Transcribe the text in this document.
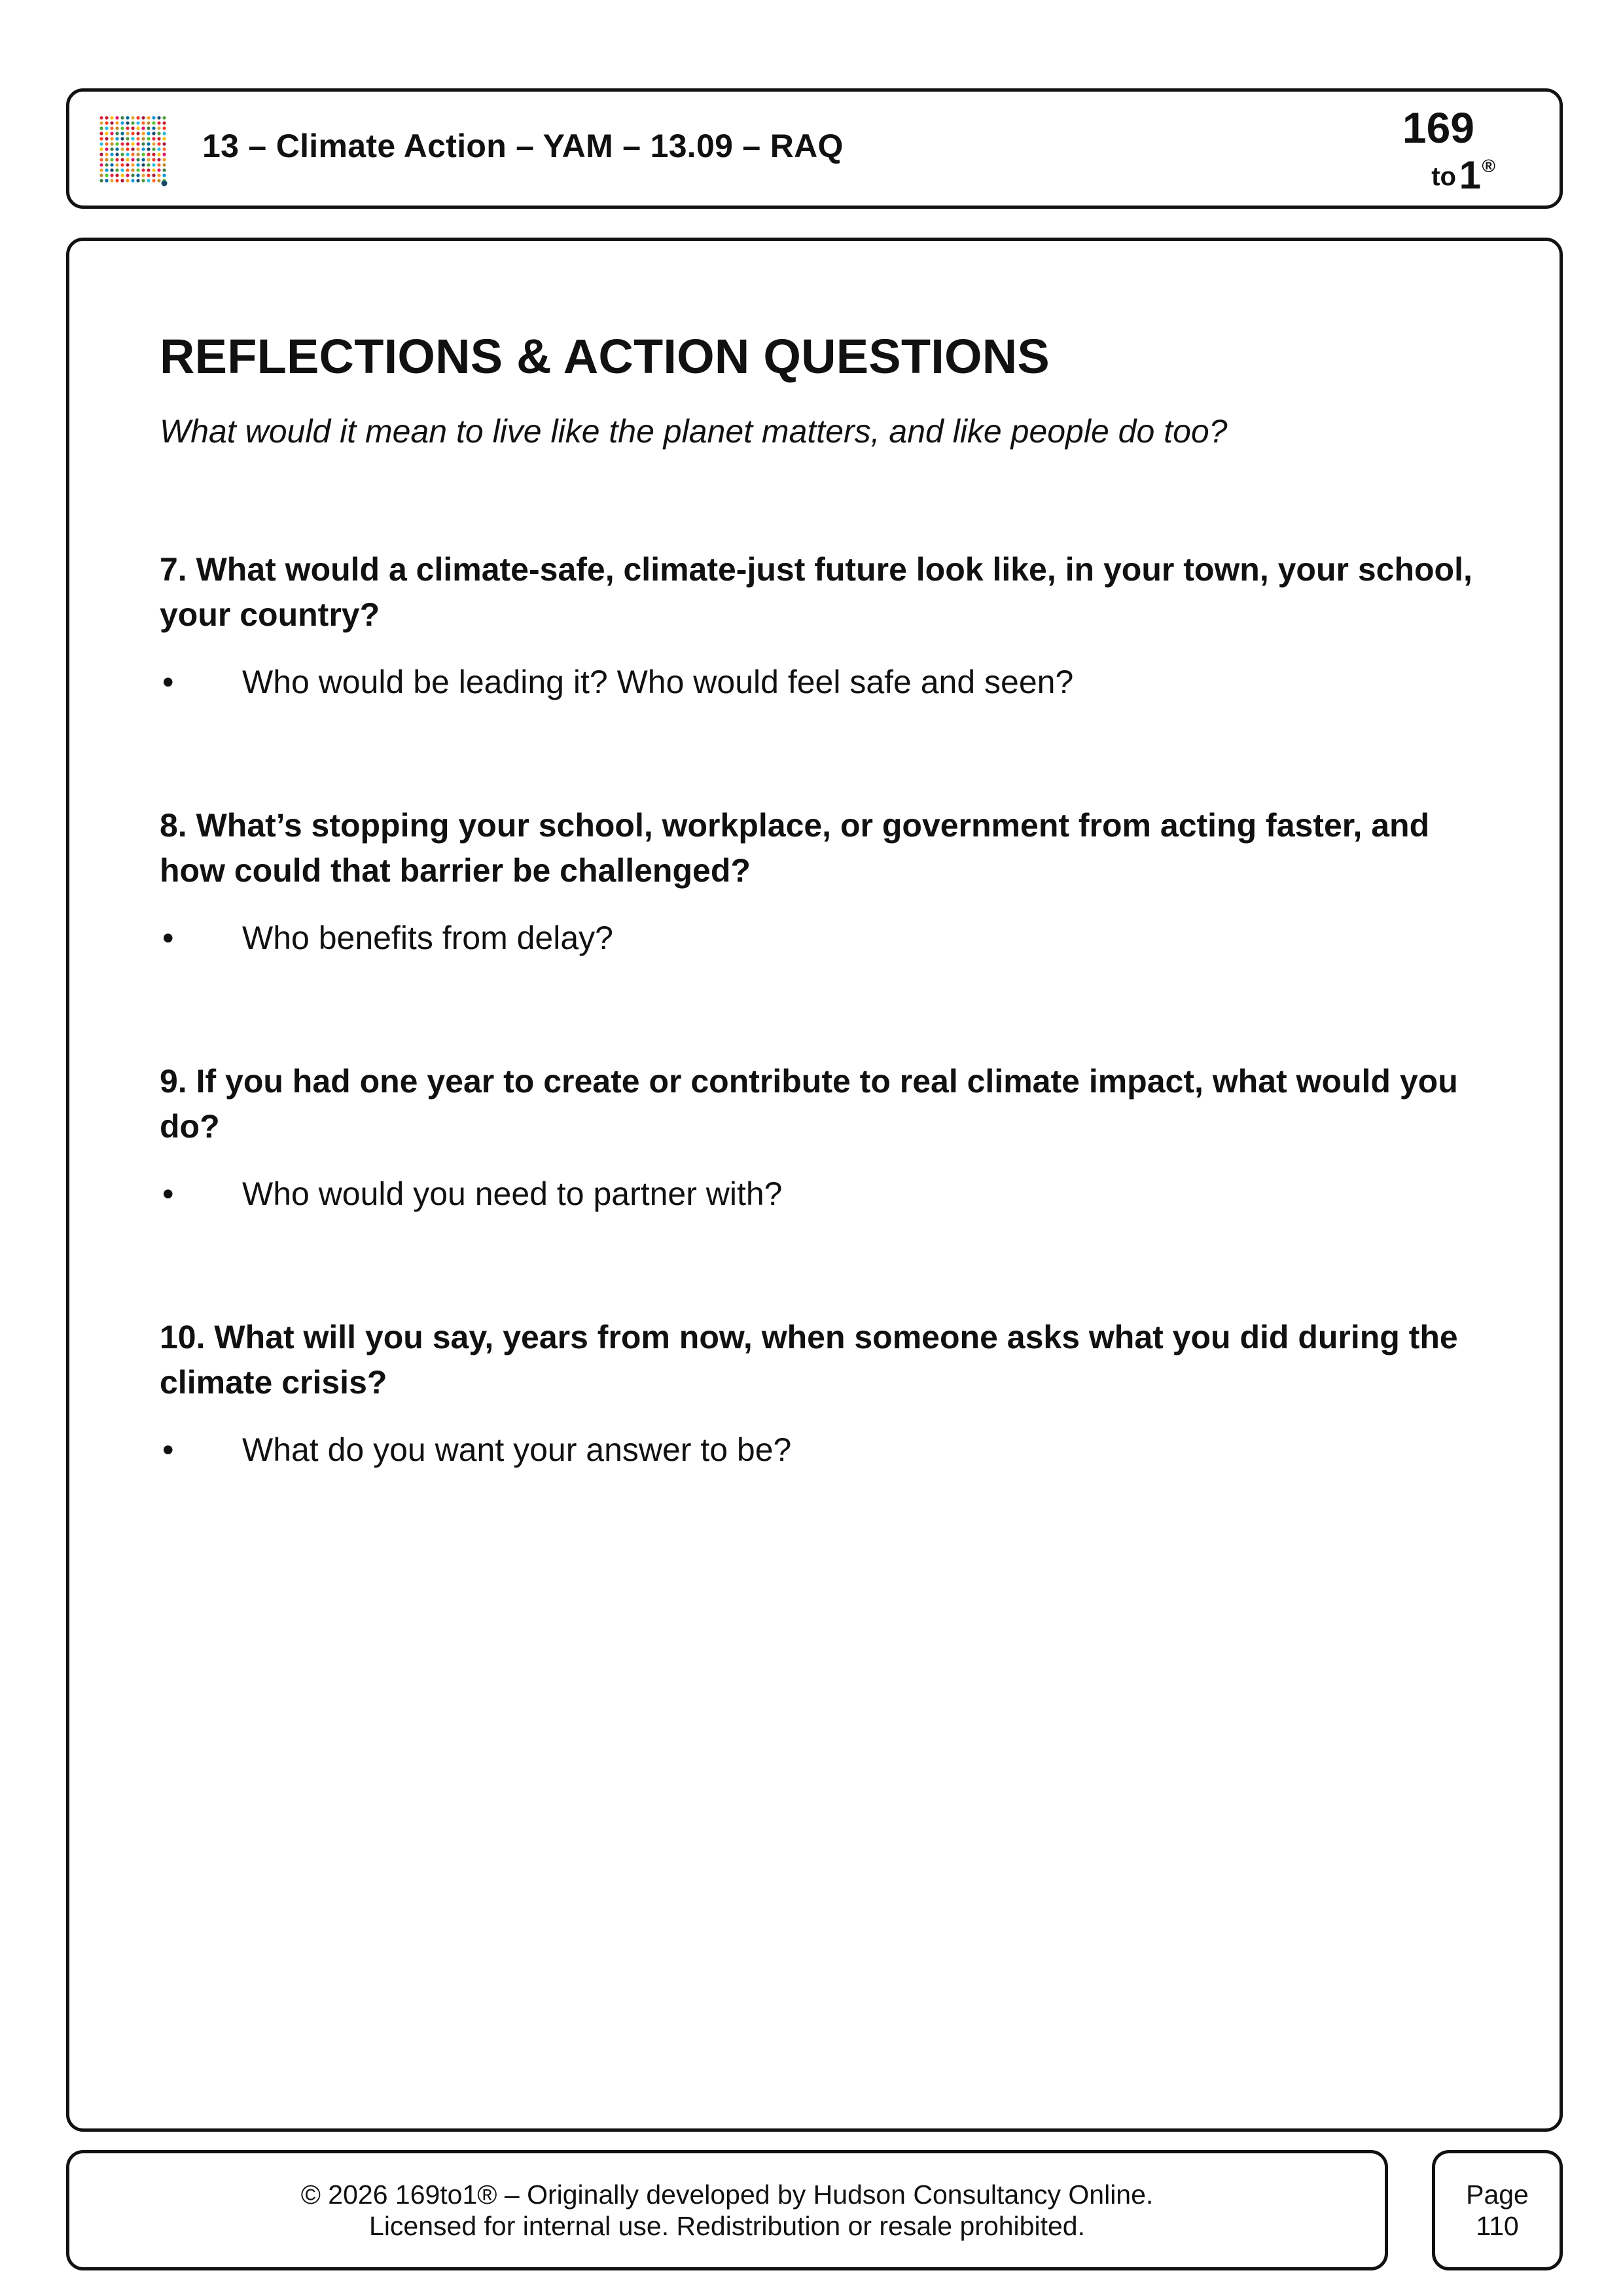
13 – Climate Action – YAM – 13.09 – RAQ	169
to 1 ®
REFLECTIONS & ACTION QUESTIONS
What would it mean to live like the planet matters, and like people do too?

7. What would a climate-safe, climate-just future look like, in your town, your school, your country?

• Who would be leading it? Who would feel safe and seen?

8. What’s stopping your school, workplace, or government from acting faster, and how could that barrier be challenged?

• Who benefits from delay?

9. If you had one year to create or contribute to real climate impact, what would you do?

• Who would you need to partner with?

10. What will you say, years from now, when someone asks what you did during the climate crisis?

• What do you want your answer to be?
© 2026 169to1® – Originally developed by Hudson Consultancy Online.
Licensed for internal use. Redistribution or resale prohibited.
Page
110
